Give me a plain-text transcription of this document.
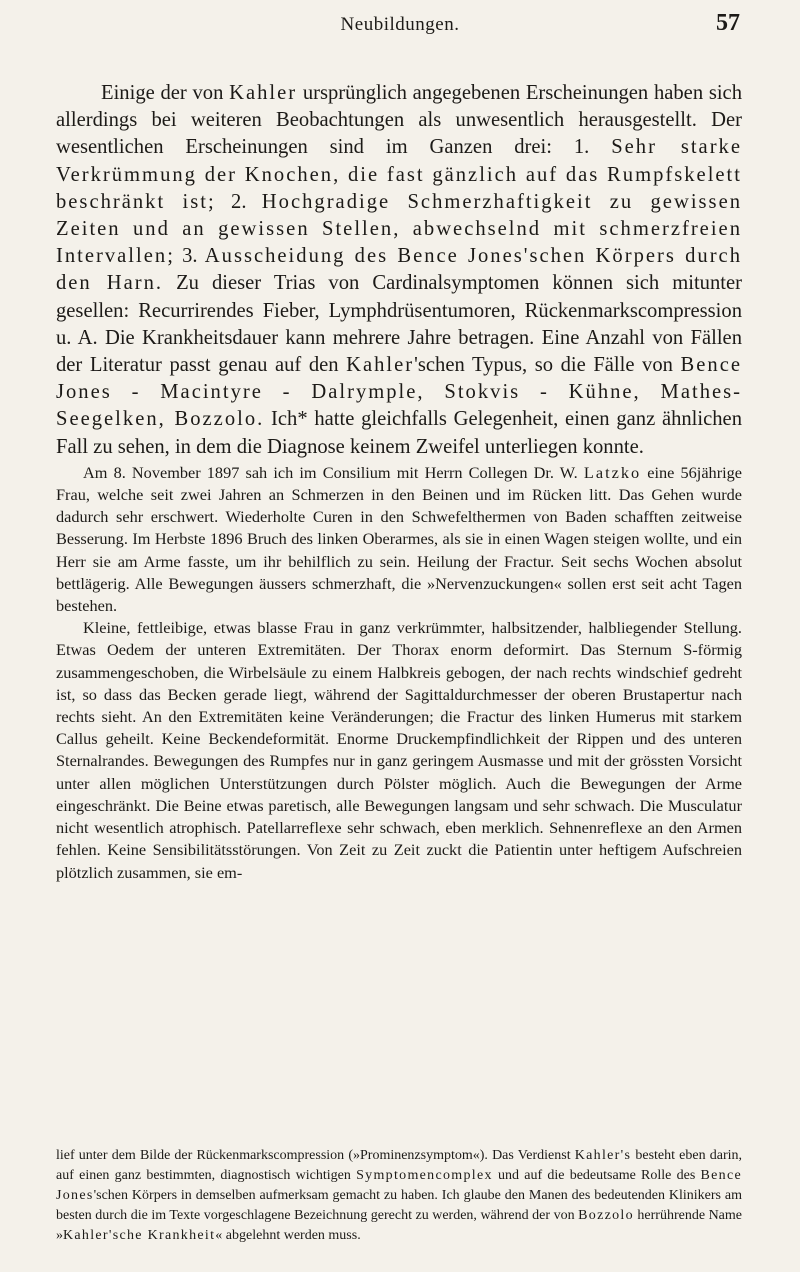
Neubildungen.	57

Einige der von Kahler ursprünglich angegebenen Erscheinungen haben sich allerdings bei weiteren Beobachtungen als unwesentlich herausgestellt. Der wesentlichen Erscheinungen sind im Ganzen drei: 1. Sehr starke Verkrümmung der Knochen, die fast gänzlich auf das Rumpfskelett beschränkt ist; 2. Hochgradige Schmerzhaftigkeit zu gewissen Zeiten und an gewissen Stellen, abwechselnd mit schmerzfreien Intervallen; 3. Ausscheidung des Bence Jones'schen Körpers durch den Harn. Zu dieser Trias von Cardinalsymptomen können sich mitunter gesellen: Recurrirendes Fieber, Lymphdrüsentumoren, Rückenmarkscompression u. A. Die Krankheitsdauer kann mehrere Jahre betragen. Eine Anzahl von Fällen der Literatur passt genau auf den Kahler'schen Typus, so die Fälle von Bence Jones - Macintyre - Dalrymple, Stokvis - Kühne, Mathes-Seegelken, Bozzolo. Ich* hatte gleichfalls Gelegenheit, einen ganz ähnlichen Fall zu sehen, in dem die Diagnose keinem Zweifel unterliegen konnte.

Am 8. November 1897 sah ich im Consilium mit Herrn Collegen Dr. W. Latzko eine 56jährige Frau, welche seit zwei Jahren an Schmerzen in den Beinen und im Rücken litt. Das Gehen wurde dadurch sehr erschwert. Wiederholte Curen in den Schwefelthermen von Baden schafften zeitweise Besserung. Im Herbste 1896 Bruch des linken Oberarmes, als sie in einen Wagen steigen wollte, und ein Herr sie am Arme fasste, um ihr behilflich zu sein. Heilung der Fractur. Seit sechs Wochen absolut bettlägerig. Alle Bewegungen äussers schmerzhaft, die »Nervenzuckungen« sollen erst seit acht Tagen bestehen.

Kleine, fettleibige, etwas blasse Frau in ganz verkrümmter, halbsitzender, halbliegender Stellung. Etwas Oedem der unteren Extremitäten. Der Thorax enorm deformirt. Das Sternum S-förmig zusammengeschoben, die Wirbelsäule zu einem Halbkreis gebogen, der nach rechts windschief gedreht ist, so dass das Becken gerade liegt, während der Sagittaldurchmesser der oberen Brustapertur nach rechts sieht. An den Extremitäten keine Veränderungen; die Fractur des linken Humerus mit starkem Callus geheilt. Keine Beckendeformität. Enorme Druckempfindlichkeit der Rippen und des unteren Sternalrandes. Bewegungen des Rumpfes nur in ganz geringem Ausmasse und mit der grössten Vorsicht unter allen möglichen Unterstützungen durch Pölster möglich. Auch die Bewegungen der Arme eingeschränkt. Die Beine etwas paretisch, alle Bewegungen langsam und sehr schwach. Die Musculatur nicht wesentlich atrophisch. Patellarreflexe sehr schwach, eben merklich. Sehnenreflexe an den Armen fehlen. Keine Sensibilitätsstörungen. Von Zeit zu Zeit zuckt die Patientin unter heftigem Aufschreien plötzlich zusammen, sie em-

lief unter dem Bilde der Rückenmarkscompression (»Prominenzsymptom«). Das Verdienst Kahler's besteht eben darin, auf einen ganz bestimmten, diagnostisch wichtigen Symptomencomplex und auf die bedeutsame Rolle des Bence Jones'schen Körpers in demselben aufmerksam gemacht zu haben. Ich glaube den Manen des bedeutenden Klinikers am besten durch die im Texte vorgeschlagene Bezeichnung gerecht zu werden, während der von Bozzolo herrührende Name »Kahler'sche Krankheit« abgelehnt werden muss.
